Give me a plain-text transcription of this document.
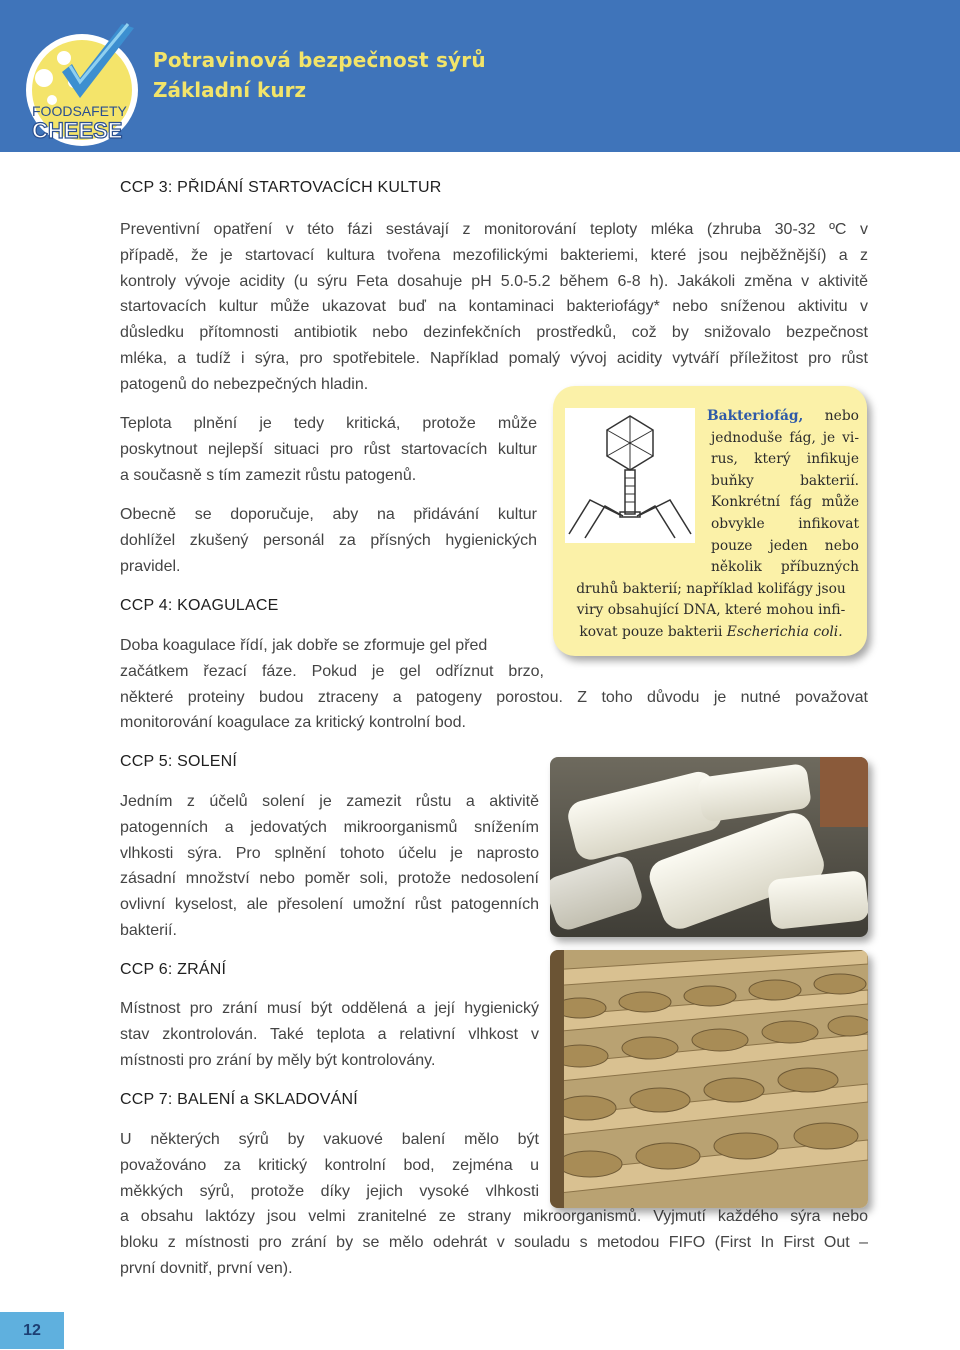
FOODSAFETY
CHEESE
Potravinová bezpečnost sýrů
Základní kurz
CCP 3: PŘIDÁNÍ STARTOVACÍCH KULTUR
Preventivní opatření v této fázi sestávají z monitorování teploty mléka (zhruba 30-32 ºC v
případě, že je startovací kultura tvořena mezofilickými bakteriemi, které jsou nejběžnější) a z
kontroly vývoje acidity (u sýru Feta dosahuje pH 5.0-5.2 během 6-8 h). Jakákoli změna v aktivitě
startovacích kultur může ukazovat buď na kontaminaci bakteriofágy* nebo sníženou aktivitu v
důsledku přítomnosti antibiotik nebo dezinfekčních prostředků, což by snižovalo bezpečnost
mléka, a tudíž i sýra, pro spotřebitele. Například pomalý vývoj acidity vytváří příležitost pro růst
patogenů do nebezpečných hladin.
Teplota plnění je tedy kritická, protože může
poskytnout nejlepší situaci pro růst startovacích kultur
a současně s tím zamezit růstu patogenů.
Obecně se doporučuje, aby na přidávání kultur
dohlížel zkušený personál za přísných hygienických
pravidel.
Bakteriofág, nebo
jednoduše fág, je vi-
rus, který infikuje
buňky bakterií.
Konkrétní fág může
obvykle infikovat
pouze jeden nebo
několik příbuzných
druhů bakterií; například kolifágy jsou
viry obsahující DNA, které mohou infi-
kovat pouze bakterii Escherichia coli.
CCP 4: KOAGULACE
Doba koagulace řídí, jak dobře se zformuje gel před
začátkem řezací fáze. Pokud je gel odříznut brzo,
některé proteiny budou ztraceny a patogeny porostou. Z toho důvodu je nutné považovat
monitorování koagulace za kritický kontrolní bod.
CCP 5: SOLENÍ
Jedním z účelů solení je zamezit růstu a aktivitě
patogenních a jedovatých mikroorganismů snížením
vlhkosti sýra. Pro splnění tohoto účelu je naprosto
zásadní množství nebo poměr soli, protože nedosolení
ovlivní kyselost, ale přesolení umožní růst patogenních
bakterií.
CCP 6: ZRÁNÍ
Místnost pro zrání musí být oddělená a její hygienický
stav zkontrolován. Také teplota a relativní vlhkost v
místnosti pro zrání by měly být kontrolovány.
CCP 7: BALENÍ a SKLADOVÁNÍ
U některých sýrů by vakuové balení mělo být
považováno za kritický kontrolní bod, zejména u
měkkých sýrů, protože díky jejich vysoké vlhkosti
a obsahu laktózy jsou velmi zranitelné ze strany mikroorganismů. Vyjmutí každého sýra nebo
bloku z místnosti pro zrání by se mělo odehrát v souladu s metodou FIFO (First In First Out –
první dovnitř, první ven).
12
